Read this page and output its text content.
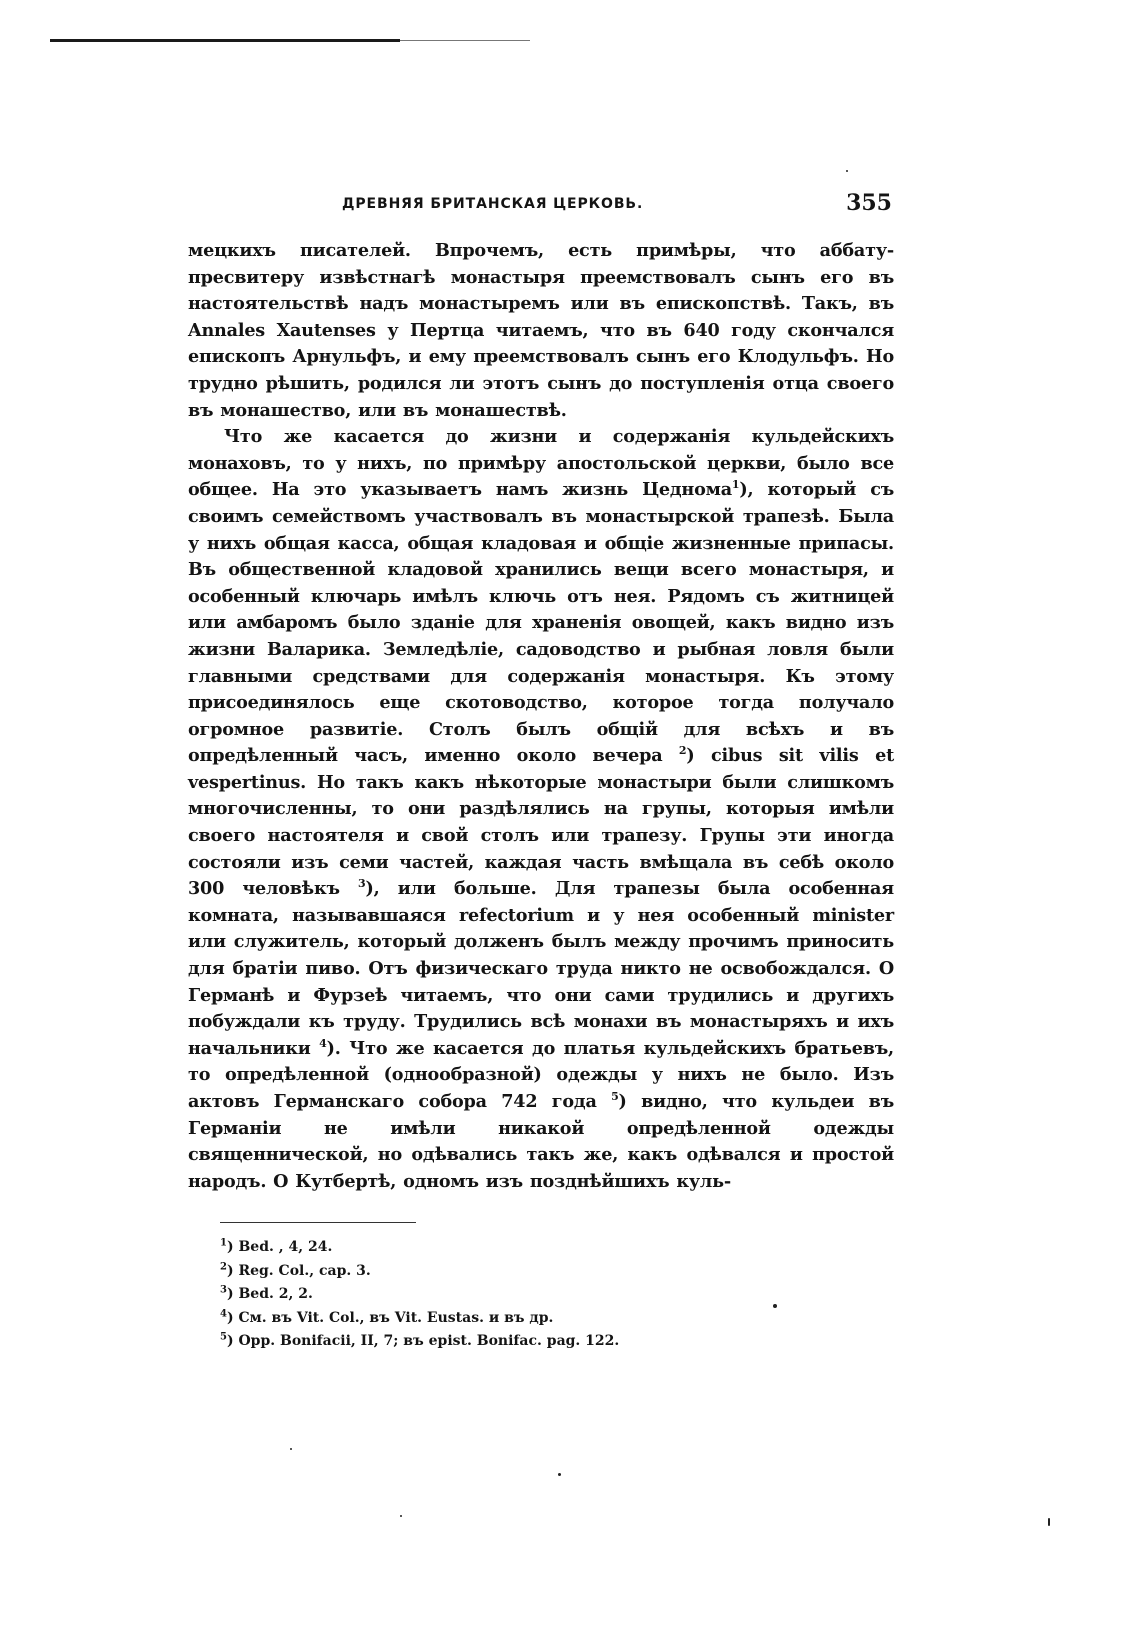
ДРЕВНЯЯ БРИТАНСКАЯ ЦЕРКОВЬ.	355

мецкихъ писателей. Впрочемъ, есть примѣры, что аббату-пресвитеру извѣстнагѣ монастыря преемствовалъ сынъ его въ настоятельствѣ надъ монастыремъ или въ епископствѣ. Такъ, въ Annales Xautenses у Пертца читаемъ, что въ 640 году скончался епископъ Арнульфъ, и ему преемствовалъ сынъ его Клодульфъ. Но трудно рѣшить, родился ли этотъ сынъ до поступленія отца своего въ монашество, или въ монашествѣ.

Что же касается до жизни и содержанія кульдейскихъ монаховъ, то у нихъ, по примѣру апостольской церкви, было все общее. На это указываетъ намъ жизнь Цеднома$^1$), который съ своимъ семействомъ участвовалъ въ монастырской трапезѣ. Была у нихъ общая касса, общая кладовая и общіе жизненные припасы. Въ общественной кладовой хранились вещи всего монастыря, и особенный ключарь имѣлъ ключь отъ нея. Рядомъ съ житницей или амбаромъ было зданіе для храненія овощей, какъ видно изъ жизни Валарика. Земледѣліе, садоводство и рыбная ловля были главными средствами для содержанія монастыря. Къ этому присоединялось еще скотоводство, которое тогда получало огромное развитіе. Столъ былъ общій для всѣхъ и въ опредѣленный часъ, именно около вечера $^2$) cibus sit vilis et vespertinus. Но такъ какъ нѣкоторые монастыри были слишкомъ многочисленны, то они раздѣлялись на групы, которыя имѣли своего настоятеля и свой столъ или трапезу. Групы эти иногда состояли изъ семи частей, каждая часть вмѣщала въ себѣ около 300 человѣкъ $^3$), или больше. Для трапезы была особенная комната, называвшаяся refectorium и у нея особенный minister или служитель, который долженъ былъ между прочимъ приносить для братіи пиво. Отъ физическаго труда никто не освобождался. О Германѣ и Фурзеѣ читаемъ, что они сами трудились и другихъ побуждали къ труду. Трудились всѣ монахи въ монастыряхъ и ихъ начальники $^4$). Что же касается до платья кульдейскихъ братьевъ, то опредѣленной (однообразной) одежды у нихъ не было. Изъ актовъ Германскаго собора 742 года $^5$) видно, что кульдеи въ Германіи не имѣли никакой опредѣленной одежды священнической, но одѣвались такъ же, какъ одѣвался и простой народъ. О Кутбертѣ, одномъ изъ позднѣйшихъ куль-

$^1$) Bed. , 4, 24.
$^2$) Reg. Col., cap. 3.
$^3$) Bed. 2, 2.
$^4$) См. въ Vit. Col., въ Vit. Eustas. и въ др.
$^5$) Opp. Bonifacii, II, 7; въ epist. Bonifac. pag. 122.
